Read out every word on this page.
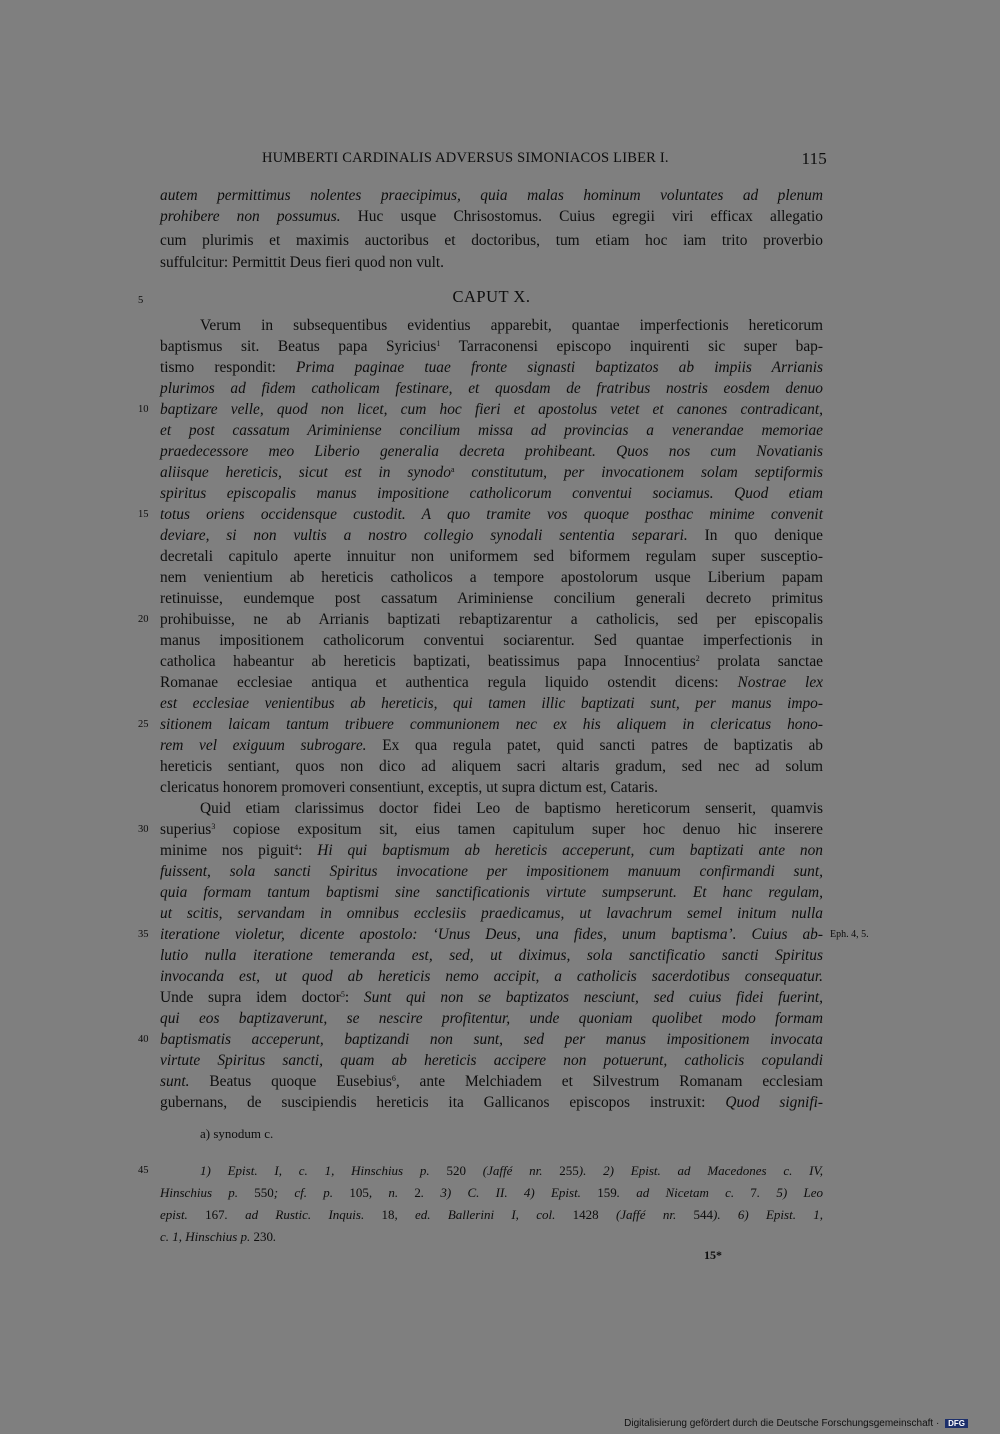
HUMBERTI CARDINALIS ADVERSUS SIMONIACOS LIBER I.	115
autem permittimus nolentes praecipimus, quia malas hominum voluntates ad plenum
prohibere non possumus. Huc usque Chrisostomus. Cuius egregii viri efficax allegatio
cum plurimis et maximis auctoribus et doctoribus, tum etiam hoc iam trito proverbio
suffulcitur: Permittit Deus fieri quod non vult.
5	CAPUT X.
Verum in subsequentibus evidentius apparebit, quantae imperfectionis hereticorum
baptismus sit. Beatus papa Syricius$^1$ Tarraconensi episcopo inquirenti sic super bap-
tismo respondit: Prima paginae tuae fronte signasti baptizatos ab impiis Arrianis
plurimos ad fidem catholicam festinare, et quosdam de fratribus nostris eosdem denuo
10 baptizare velle, quod non licet, cum hoc fieri et apostolus vetet et canones contradicant,
et post cassatum Ariminiense concilium missa ad provincias a venerandae memoriae
praedecessore meo Liberio generalia decreta prohibeant. Quos nos cum Novatianis
aliisque hereticis, sicut est in synodo$^a$ constitutum, per invocationem solam septiformis
spiritus episcopalis manus impositione catholicorum conventui sociamus. Quod etiam
15 totus oriens occidensque custodit. A quo tramite vos quoque posthac minime convenit
deviare, si non vultis a nostro collegio synodali sententia separari. In quo denique
decretali capitulo aperte innuitur non uniformem sed biformem regulam super susceptio-
nem venientium ab hereticis catholicos a tempore apostolorum usque Liberium papam
retinuisse, eundemque post cassatum Ariminiense concilium generali decreto primitus
20 prohibuisse, ne ab Arrianis baptizati rebaptizarentur a catholicis, sed per episcopalis
manus impositionem catholicorum conventui sociarentur. Sed quantae imperfectionis in
catholica habeantur ab hereticis baptizati, beatissimus papa Innocentius$^2$ prolata sanctae
Romanae ecclesiae antiqua et authentica regula liquido ostendit dicens: Nostrae lex
est ecclesiae venientibus ab hereticis, qui tamen illic baptizati sunt, per manus impo-
25 sitionem laicam tantum tribuere communionem nec ex his aliquem in clericatus hono-
rem vel exiguum subrogare. Ex qua regula patet, quid sancti patres de baptizatis ab
hereticis sentiant, quos non dico ad aliquem sacri altaris gradum, sed nec ad solum
clericatus honorem promoveri consentiunt, exceptis, ut supra dictum est, Cataris.
Quid etiam clarissimus doctor fidei Leo de baptismo hereticorum senserit, quamvis
30 superius$^3$ copiose expositum sit, eius tamen capitulum super hoc denuo hic inserere
minime nos piguit$^4$: Hi qui baptismum ab hereticis acceperunt, cum baptizati ante non
fuissent, sola sancti Spiritus invocatione per impositionem manuum confirmandi sunt,
quia formam tantum baptismi sine sanctificationis virtute sumpserunt. Et hanc regulam,
ut scitis, servandam in omnibus ecclesiis praedicamus, ut lavachrum semel initum nulla
35 iteratione violetur, dicente apostolo: ‘Unus Deus, una fides, unum baptisma’. Cuius ab- Eph. 4, 5.
lutio nulla iteratione temeranda est, sed, ut diximus, sola sanctificatio sancti Spiritus
invocanda est, ut quod ab hereticis nemo accipit, a catholicis sacerdotibus consequatur.
Unde supra idem doctor$^5$: Sunt qui non se baptizatos nesciunt, sed cuius fidei fuerint,
qui eos baptizaverunt, se nescire profitentur, unde quoniam quolibet modo formam
40 baptismatis acceperunt, baptizandi non sunt, sed per manus impositionem invocata
virtute Spiritus sancti, quam ab hereticis accipere non potuerunt, catholicis copulandi
sunt. Beatus quoque Eusebius$^6$, ante Melchiadem et Silvestrum Romanam ecclesiam
gubernans, de suscipiendis hereticis ita Gallicanos episcopos instruxit: Quod signifi-
a) synodum c.
45	1) Epist. I, c. 1, Hinschius p. 520 (Jaffé nr. 255). 2) Epist. ad Macedones c. IV,
Hinschius p. 550; cf. p. 105, n. 2. 3) C. II. 4) Epist. 159. ad Nicetam c. 7. 5) Leo
epist. 167. ad Rustic. Inquis. 18, ed. Ballerini I, col. 1428 (Jaffé nr. 544). 6) Epist. 1,
c. 1, Hinschius p. 230.
15*
Digitalisierung gefördert durch die Deutsche Forschungsgemeinschaft · DFG
